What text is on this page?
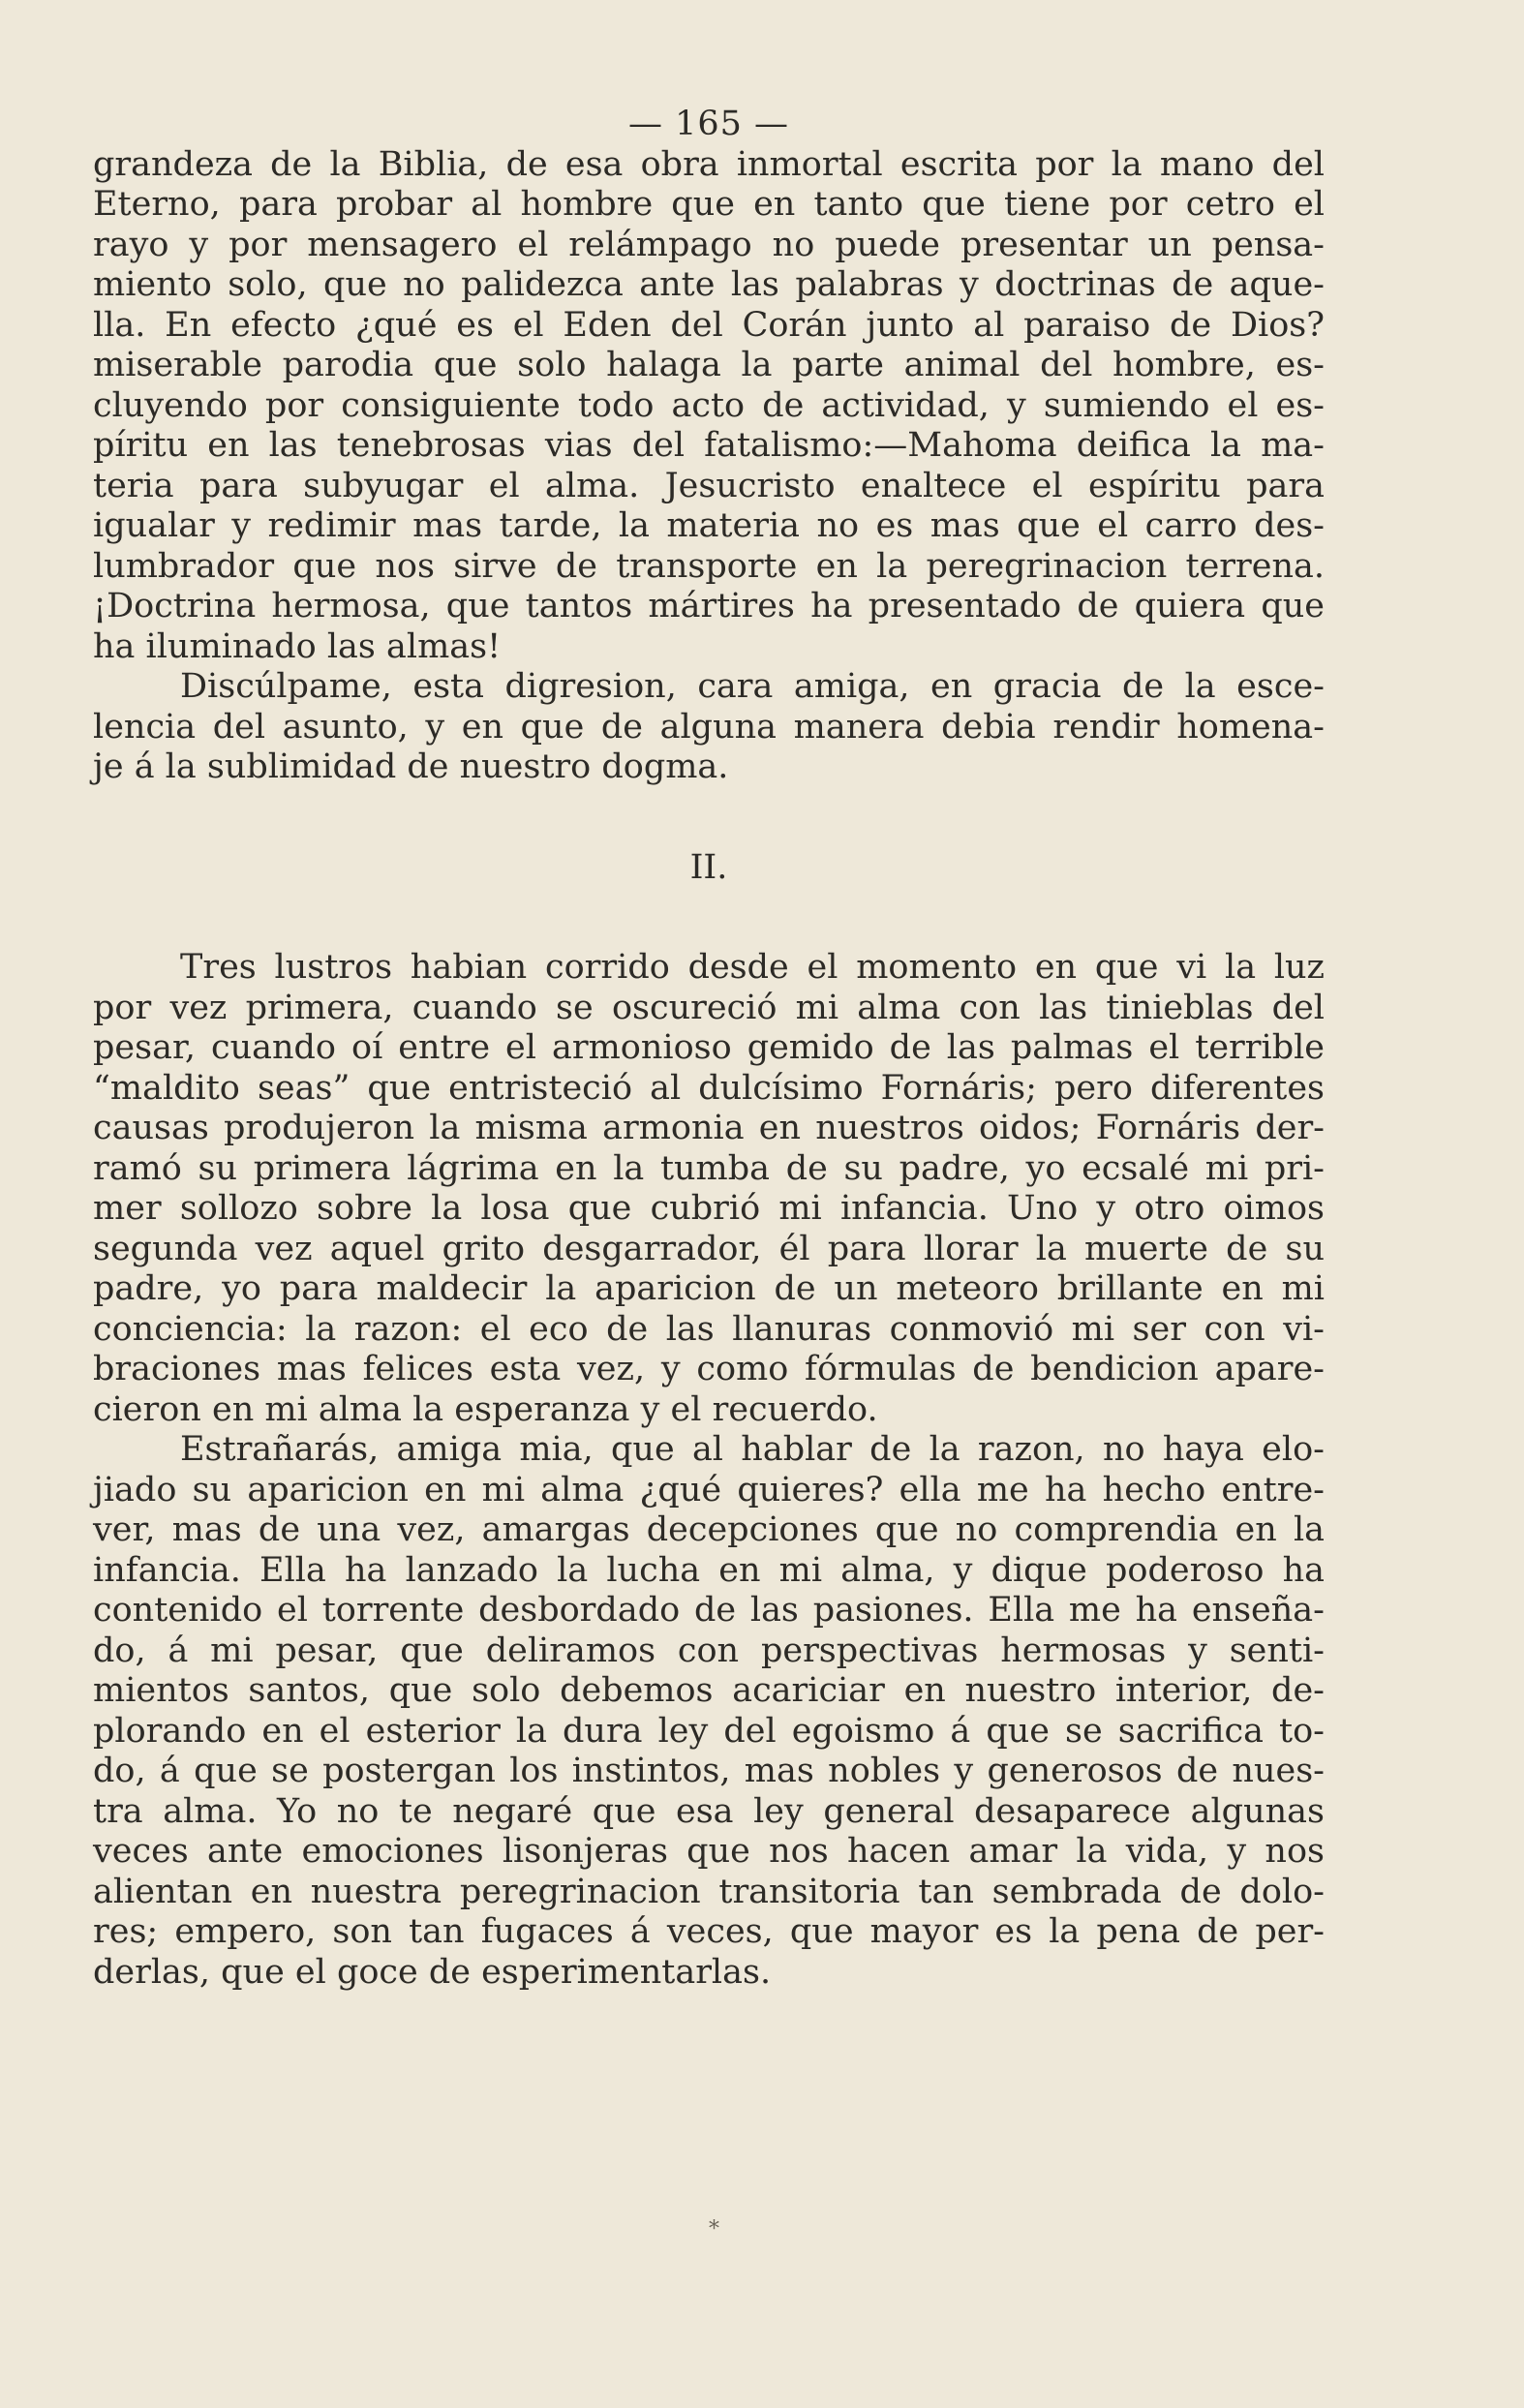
— 165 —
grandeza de la Biblia, de esa obra inmortal escrita por la mano del
Eterno, para probar al hombre que en tanto que tiene por cetro el
rayo y por mensagero el relámpago no puede presentar un pensa-
miento solo, que no palidezca ante las palabras y doctrinas de aque-
lla. En efecto ¿qué es el Eden del Corán junto al paraiso de Dios?
miserable parodia que solo halaga la parte animal del hombre, es-
cluyendo por consiguiente todo acto de actividad, y sumiendo el es-
píritu en las tenebrosas vias del fatalismo:—Mahoma deifica la ma-
teria para subyugar el alma. Jesucristo enaltece el espíritu para
igualar y redimir mas tarde, la materia no es mas que el carro des-
lumbrador que nos sirve de transporte en la peregrinacion terrena.
¡Doctrina hermosa, que tantos mártires ha presentado de quiera que
ha iluminado las almas!
Discúlpame, esta digresion, cara amiga, en gracia de la esce-
lencia del asunto, y en que de alguna manera debia rendir homena-
je á la sublimidad de nuestro dogma.
II.
Tres lustros habian corrido desde el momento en que vi la luz
por vez primera, cuando se oscureció mi alma con las tinieblas del
pesar, cuando oí entre el armonioso gemido de las palmas el terrible
“maldito seas” que entristeció al dulcísimo Fornáris; pero diferentes
causas produjeron la misma armonia en nuestros oidos; Fornáris der-
ramó su primera lágrima en la tumba de su padre, yo ecsalé mi pri-
mer sollozo sobre la losa que cubrió mi infancia. Uno y otro oimos
segunda vez aquel grito desgarrador, él para llorar la muerte de su
padre, yo para maldecir la aparicion de un meteoro brillante en mi
conciencia: la razon: el eco de las llanuras conmovió mi ser con vi-
braciones mas felices esta vez, y como fórmulas de bendicion apare-
cieron en mi alma la esperanza y el recuerdo.
Estrañarás, amiga mia, que al hablar de la razon, no haya elo-
jiado su aparicion en mi alma ¿qué quieres? ella me ha hecho entre-
ver, mas de una vez, amargas decepciones que no comprendia en la
infancia. Ella ha lanzado la lucha en mi alma, y dique poderoso ha
contenido el torrente desbordado de las pasiones. Ella me ha enseña-
do, á mi pesar, que deliramos con perspectivas hermosas y senti-
mientos santos, que solo debemos acariciar en nuestro interior, de-
plorando en el esterior la dura ley del egoismo á que se sacrifica to-
do, á que se postergan los instintos, mas nobles y generosos de nues-
tra alma. Yo no te negaré que esa ley general desaparece algunas
veces ante emociones lisonjeras que nos hacen amar la vida, y nos
alientan en nuestra peregrinacion transitoria tan sembrada de dolo-
res; empero, son tan fugaces á veces, que mayor es la pena de per-
derlas, que el goce de esperimentarlas.
*
